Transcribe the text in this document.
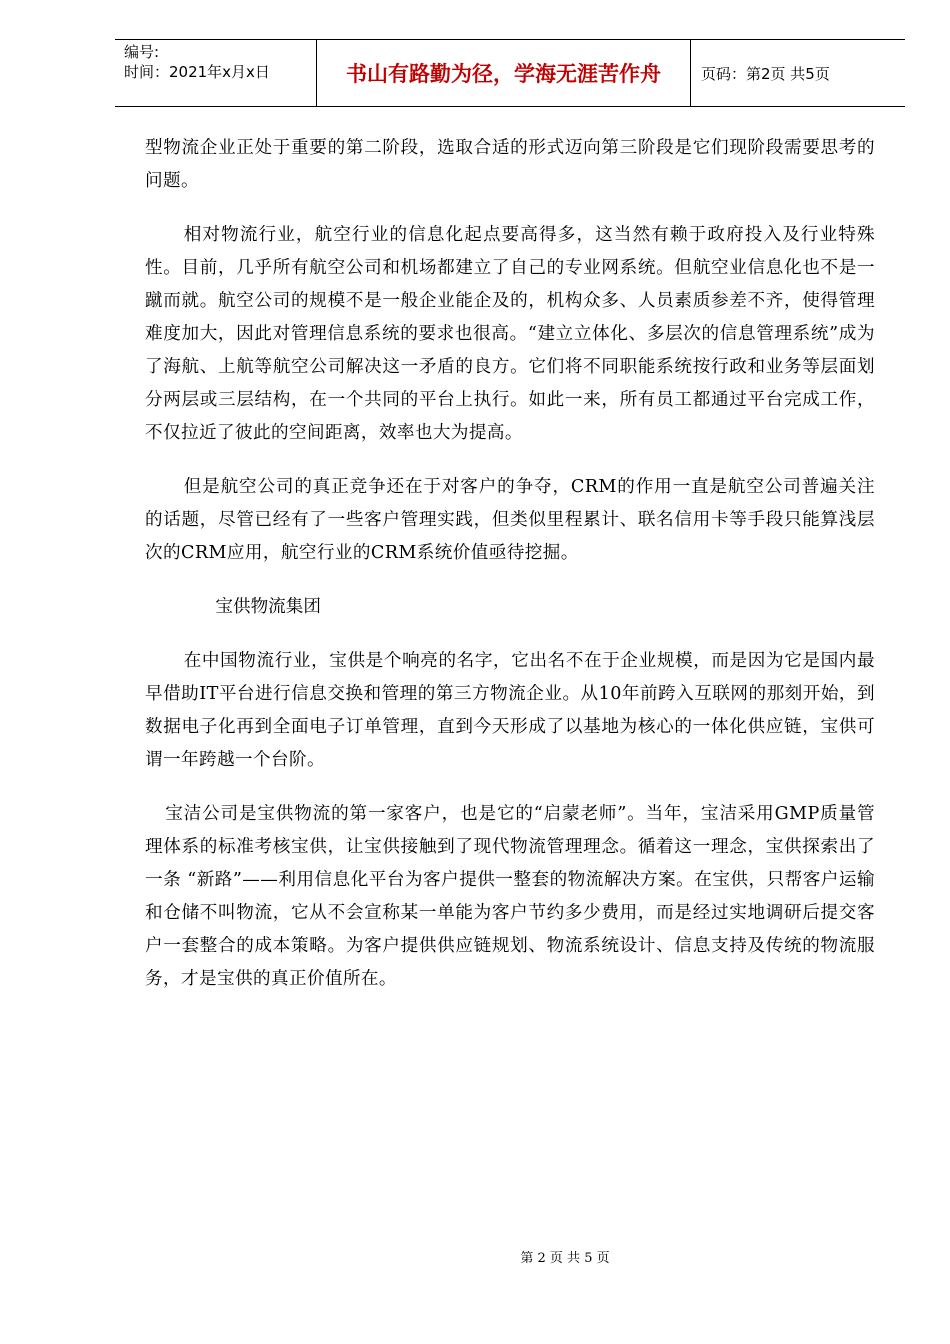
编号:
时间：2021年x月x日	书山有路勤为径，学海无涯苦作舟	页码：第2页 共5页

型物流企业正处于重要的第二阶段，选取合适的形式迈向第三阶段是它们现阶段需要思考的问题。

相对物流行业，航空行业的信息化起点要高得多，这当然有赖于政府投入及行业特殊性。目前，几乎所有航空公司和机场都建立了自己的专业网系统。但航空业信息化也不是一蹴而就。航空公司的规模不是一般企业能企及的，机构众多、人员素质参差不齐，使得管理难度加大，因此对管理信息系统的要求也很高。“建立立体化、多层次的信息管理系统”成为了海航、上航等航空公司解决这一矛盾的良方。它们将不同职能系统按行政和业务等层面划分两层或三层结构，在一个共同的平台上执行。如此一来，所有员工都通过平台完成工作，不仅拉近了彼此的空间距离，效率也大为提高。

但是航空公司的真正竞争还在于对客户的争夺，CRM的作用一直是航空公司普遍关注的话题，尽管已经有了一些客户管理实践，但类似里程累计、联名信用卡等手段只能算浅层次的CRM应用，航空行业的CRM系统价值亟待挖掘。

宝供物流集团

在中国物流行业，宝供是个响亮的名字，它出名不在于企业规模，而是因为它是国内最早借助IT平台进行信息交换和管理的第三方物流企业。从10年前跨入互联网的那刻开始，到数据电子化再到全面电子订单管理，直到今天形成了以基地为核心的一体化供应链，宝供可谓一年跨越一个台阶。

宝洁公司是宝供物流的第一家客户，也是它的“启蒙老师”。当年，宝洁采用GMP质量管理体系的标准考核宝供，让宝供接触到了现代物流管理理念。循着这一理念，宝供探索出了一条 “新路”——利用信息化平台为客户提供一整套的物流解决方案。在宝供，只帮客户运输和仓储不叫物流，它从不会宣称某一单能为客户节约多少费用，而是经过实地调研后提交客户一套整合的成本策略。为客户提供供应链规划、物流系统设计、信息支持及传统的物流服务，才是宝供的真正价值所在。

第 2 页 共 5 页
